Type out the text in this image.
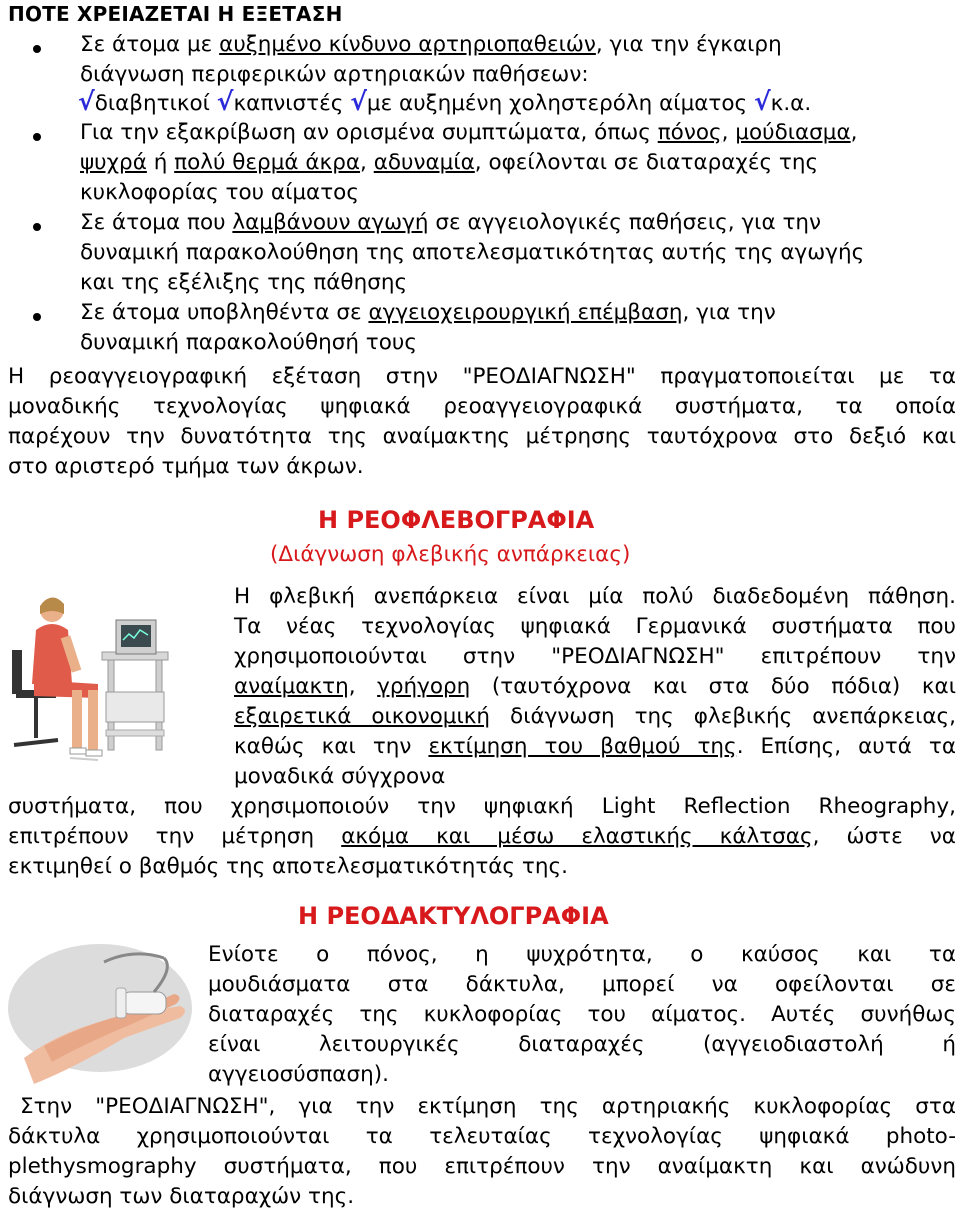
ΠΟΤΕ ΧΡΕΙΑΖΕΤΑΙ Η ΕΞΕΤΑΣΗ
Σε άτομα με αυξημένο κίνδυνο αρτηριοπαθειών, για την έγκαιρη
διάγνωση περιφερικών αρτηριακών παθήσεων:
√διαβητικοί √καπνιστές √με αυξημένη χοληστερόλη αίματος √κ.α.
Για την εξακρίβωση αν ορισμένα συμπτώματα, όπως πόνος, μούδιασμα,
ψυχρά ή πολύ θερμά άκρα, αδυναμία, οφείλονται σε διαταραχές της
κυκλοφορίας του αίματος
Σε άτομα που λαμβάνουν αγωγή σε αγγειολογικές παθήσεις, για την
δυναμική παρακολούθηση της αποτελεσματικότητας αυτής της αγωγής
και της εξέλιξης της πάθησης
Σε άτομα υποβληθέντα σε αγγειοχειρουργική επέμβαση, για την
δυναμική παρακολούθησή τους
Η ρεοαγγειογραφική εξέταση στην "ΡΕΟΔΙΑΓΝΩΣΗ" πραγματοποιείται με τα
μοναδικής τεχνολογίας ψηφιακά ρεοαγγειογραφικά συστήματα, τα οποία
παρέχουν την δυνατότητα της αναίμακτης μέτρησης ταυτόχρονα στο δεξιό και
στο αριστερό τμήμα των άκρων.
Η ΡΕΟΦΛΕΒΟΓΡΑΦΙΑ
(Διάγνωση φλεβικής ανπάρκειας)
Η φλεβική ανεπάρκεια είναι μία πολύ διαδεδομένη πάθηση.
Τα νέας τεχνολογίας ψηφιακά Γερμανικά συστήματα που
χρησιμοποιούνται στην "ΡΕΟΔΙΑΓΝΩΣΗ" επιτρέπουν την
αναίμακτη, γρήγορη (ταυτόχρονα και στα δύο πόδια) και
εξαιρετικά οικονομική διάγνωση της φλεβικής ανεπάρκειας,
καθώς και την εκτίμηση του βαθμού της. Επίσης, αυτά τα
μοναδικά σύγχρονα
συστήματα, που χρησιμοποιούν την ψηφιακή Light Reflection Rheography,
επιτρέπουν την μέτρηση ακόμα και μέσω ελαστικής κάλτσας, ώστε να
εκτιμηθεί ο βαθμός της αποτελεσματικότητάς της.
Η ΡΕΟΔΑΚΤΥΛΟΓΡΑΦΙΑ
Ενίοτε ο πόνος, η ψυχρότητα, ο καύσος και τα
μουδιάσματα στα δάκτυλα, μπορεί να οφείλονται σε
διαταραχές της κυκλοφορίας του αίματος. Αυτές συνήθως
είναι λειτουργικές διαταραχές (αγγειοδιαστολή ή
αγγειοσύσπαση).
Στην "ΡΕΟΔΙΑΓΝΩΣΗ", για την εκτίμηση της αρτηριακής κυκλοφορίας στα
δάκτυλα χρησιμοποιούνται τα τελευταίας τεχνολογίας ψηφιακά photo-
plethysmography συστήματα, που επιτρέπουν την αναίμακτη και ανώδυνη
διάγνωση των διαταραχών της.
